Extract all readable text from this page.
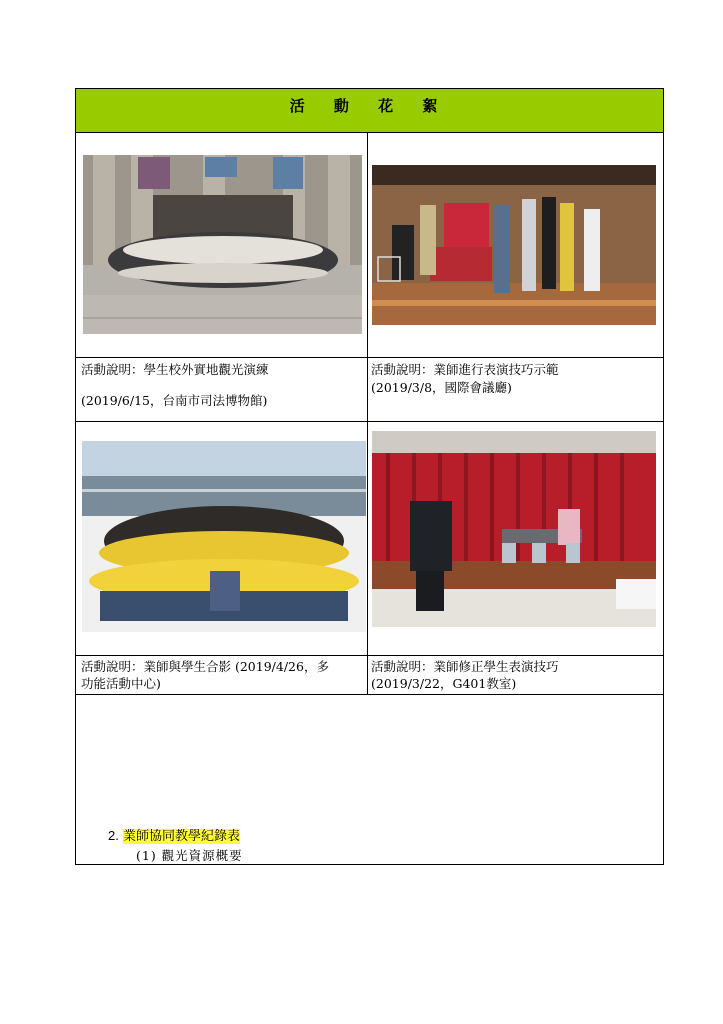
活 動 花 絮
活動說明：學生校外實地觀光演練
(2019/6/15，台南市司法博物館)
活動說明：業師進行表演技巧示範
(2019/3/8，國際會議廳)
活動說明：業師與學生合影 (2019/4/26，多
功能活動中心)
活動說明：業師修正學生表演技巧
(2019/3/22，G401教室)
2. 業師協同教學紀錄表
(1) 觀光資源概要
